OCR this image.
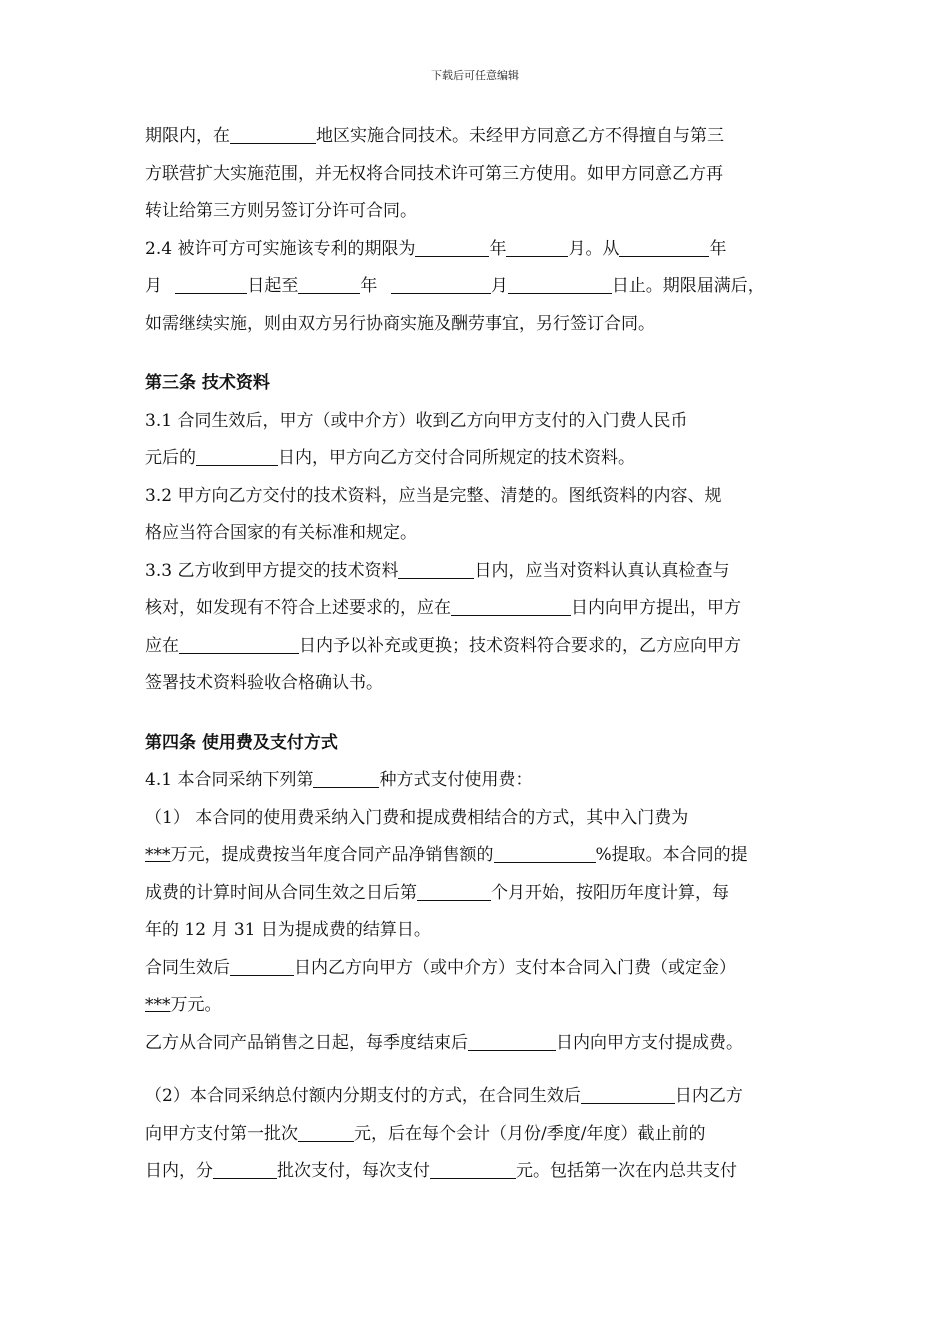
下载后可任意编辑
期限内，在	地区实施合同技术。未经甲方同意乙方不得擅自与第三
方联营扩大实施范围，并无权将合同技术许可第三方使用。如甲方同意乙方再
转让给第三方则另签订分许可合同。
2.4 被许可方可实施该专利的期限为	年	月。从	年
月	日起至	年	月	日止。期限届满后，
如需继续实施，则由双方另行协商实施及酬劳事宜，另行签订合同。
第三条 技术资料
3.1 合同生效后，甲方（或中介方）收到乙方向甲方支付的入门费人民币
元后的	日内，甲方向乙方交付合同所规定的技术资料。
3.2 甲方向乙方交付的技术资料，应当是完整、清楚的。图纸资料的内容、规
格应当符合国家的有关标准和规定。
3.3 乙方收到甲方提交的技术资料	日内，应当对资料认真认真检查与
核对，如发现有不符合上述要求的，应在	日内向甲方提出，甲方
应在	日内予以补充或更换；技术资料符合要求的，乙方应向甲方
签署技术资料验收合格确认书。
第四条 使用费及支付方式
4.1 本合同采纳下列第	种方式支付使用费：
（1） 本合同的使用费采纳入门费和提成费相结合的方式，其中入门费为
***万元，提成费按当年度合同产品净销售额的	%提取。本合同的提
成费的计算时间从合同生效之日后第	个月开始，按阳历年度计算，每
年的 12 月 31 日为提成费的结算日。
合同生效后	日内乙方向甲方（或中介方）支付本合同入门费（或定金）
***万元。
乙方从合同产品销售之日起，每季度结束后	日内向甲方支付提成费。
（2）本合同采纳总付额内分期支付的方式，在合同生效后	日内乙方
向甲方支付第一批次	元，后在每个会计（月份/季度/年度）截止前的
日内，分	批次支付，每次支付	元。包括第一次在内总共支付
